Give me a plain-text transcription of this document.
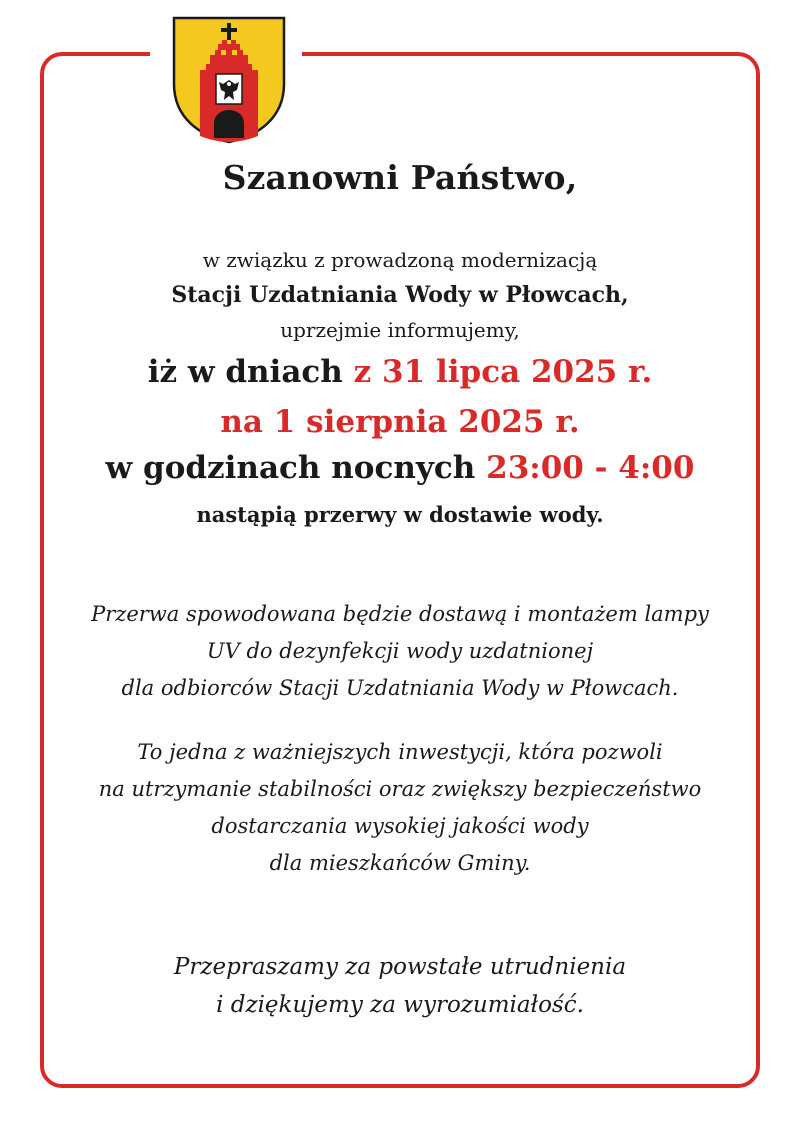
Szanowni Państwo,
w związku z prowadzoną modernizacją
Stacji Uzdatniania Wody w Płowcach,
uprzejmie informujemy,
iż w dniach z 31 lipca 2025 r.
na 1 sierpnia 2025 r.
w godzinach nocnych 23:00 - 4:00
nastąpią przerwy w dostawie wody.
Przerwa spowodowana będzie dostawą i montażem lampy
UV do dezynfekcji wody uzdatnionej
dla odbiorców Stacji Uzdatniania Wody w Płowcach.
To jedna z ważniejszych inwestycji, która pozwoli
na utrzymanie stabilności oraz zwiększy bezpieczeństwo
dostarczania wysokiej jakości wody
dla mieszkańców Gminy.
Przepraszamy za powstałe utrudnienia
i dziękujemy za wyrozumiałość.
